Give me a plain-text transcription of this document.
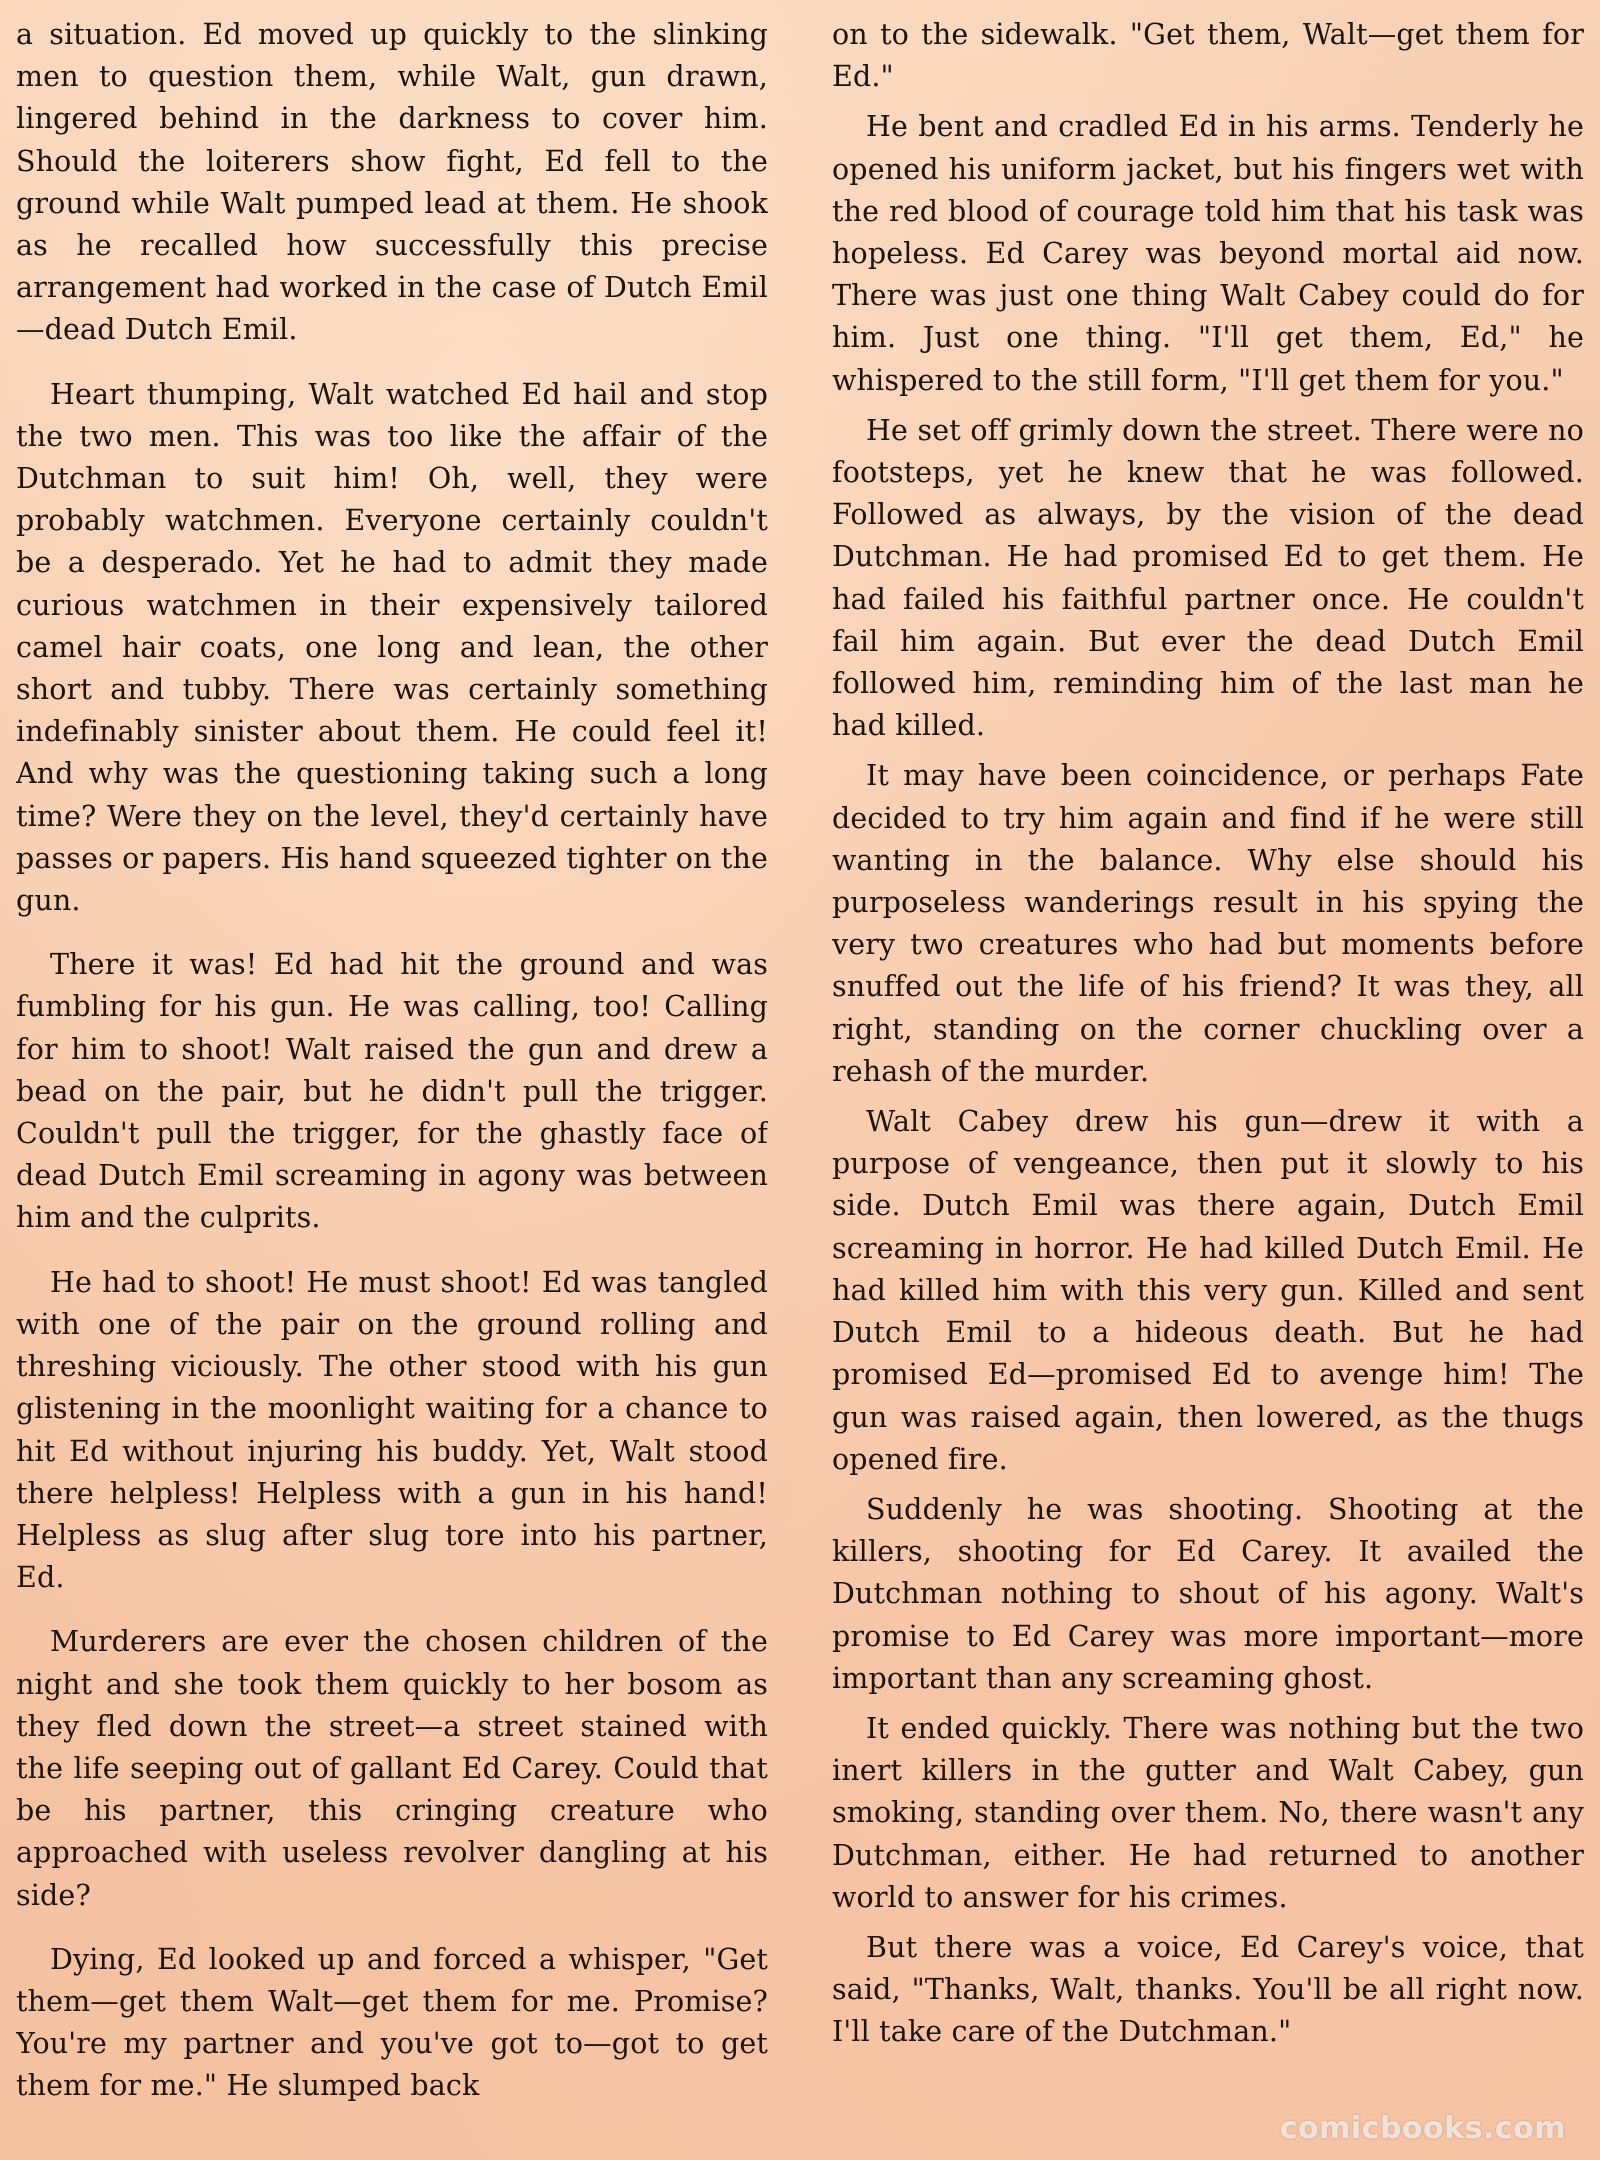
a situation. Ed moved up quickly to the slinking men to question them, while Walt, gun drawn, lingered behind in the darkness to cover him. Should the loiterers show fight, Ed fell to the ground while Walt pumped lead at them. He shook as he recalled how successfully this precise arrangement had worked in the case of Dutch Emil—dead Dutch Emil.

Heart thumping, Walt watched Ed hail and stop the two men. This was too like the affair of the Dutchman to suit him! Oh, well, they were probably watchmen. Everyone certainly couldn't be a desperado. Yet he had to admit they made curious watchmen in their expensively tailored camel hair coats, one long and lean, the other short and tubby. There was certainly something indefinably sinister about them. He could feel it! And why was the questioning taking such a long time? Were they on the level, they'd certainly have passes or papers. His hand squeezed tighter on the gun.

There it was! Ed had hit the ground and was fumbling for his gun. He was calling, too! Calling for him to shoot! Walt raised the gun and drew a bead on the pair, but he didn't pull the trigger. Couldn't pull the trigger, for the ghastly face of dead Dutch Emil screaming in agony was between him and the culprits.

He had to shoot! He must shoot! Ed was tangled with one of the pair on the ground rolling and threshing viciously. The other stood with his gun glistening in the moonlight waiting for a chance to hit Ed without injuring his buddy. Yet, Walt stood there helpless! Helpless with a gun in his hand! Helpless as slug after slug tore into his partner, Ed.

Murderers are ever the chosen children of the night and she took them quickly to her bosom as they fled down the street—a street stained with the life seeping out of gallant Ed Carey. Could that be his partner, this cringing creature who approached with useless revolver dangling at his side?

Dying, Ed looked up and forced a whisper, "Get them—get them Walt—get them for me. Promise? You're my partner and you've got to—got to get them for me." He slumped back

on to the sidewalk. "Get them, Walt—get them for Ed."

He bent and cradled Ed in his arms. Tenderly he opened his uniform jacket, but his fingers wet with the red blood of courage told him that his task was hopeless. Ed Carey was beyond mortal aid now. There was just one thing Walt Cabey could do for him. Just one thing. "I'll get them, Ed," he whispered to the still form, "I'll get them for you."

He set off grimly down the street. There were no footsteps, yet he knew that he was followed. Followed as always, by the vision of the dead Dutchman. He had promised Ed to get them. He had failed his faithful partner once. He couldn't fail him again. But ever the dead Dutch Emil followed him, reminding him of the last man he had killed.

It may have been coincidence, or perhaps Fate decided to try him again and find if he were still wanting in the balance. Why else should his purposeless wanderings result in his spying the very two creatures who had but moments before snuffed out the life of his friend? It was they, all right, standing on the corner chuckling over a rehash of the murder.

Walt Cabey drew his gun—drew it with a purpose of vengeance, then put it slowly to his side. Dutch Emil was there again, Dutch Emil screaming in horror. He had killed Dutch Emil. He had killed him with this very gun. Killed and sent Dutch Emil to a hideous death. But he had promised Ed—promised Ed to avenge him! The gun was raised again, then lowered, as the thugs opened fire.

Suddenly he was shooting. Shooting at the killers, shooting for Ed Carey. It availed the Dutchman nothing to shout of his agony. Walt's promise to Ed Carey was more important—more important than any screaming ghost.

It ended quickly. There was nothing but the two inert killers in the gutter and Walt Cabey, gun smoking, standing over them. No, there wasn't any Dutchman, either. He had returned to another world to answer for his crimes.

But there was a voice, Ed Carey's voice, that said, "Thanks, Walt, thanks. You'll be all right now. I'll take care of the Dutchman."

comicbooks.com
